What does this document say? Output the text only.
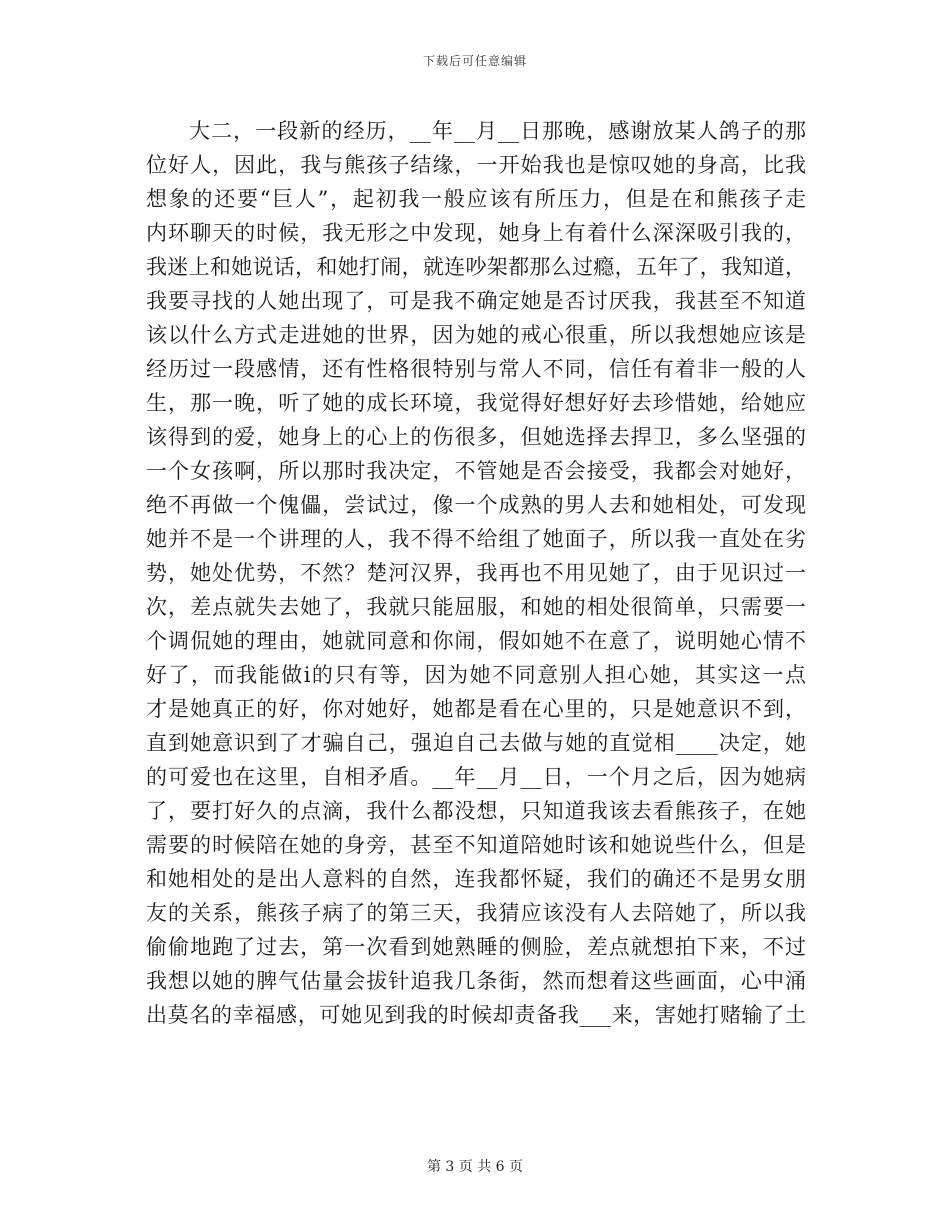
下载后可任意编辑
大二，一段新的经历，__年__月__日那晚，感谢放某人鸽子的那
位好人，因此，我与熊孩子结缘，一开始我也是惊叹她的身高，比我
想象的还要“巨人”，起初我一般应该有所压力，但是在和熊孩子走
内环聊天的时候，我无形之中发现，她身上有着什么深深吸引我的，
我迷上和她说话，和她打闹，就连吵架都那么过瘾，五年了，我知道，
我要寻找的人她出现了，可是我不确定她是否讨厌我，我甚至不知道
该以什么方式走进她的世界，因为她的戒心很重，所以我想她应该是
经历过一段感情，还有性格很特别与常人不同，信任有着非一般的人
生，那一晚，听了她的成长环境，我觉得好想好好去珍惜她，给她应
该得到的爱，她身上的心上的伤很多，但她选择去捍卫，多么坚强的
一个女孩啊，所以那时我决定，不管她是否会接受，我都会对她好，
绝不再做一个傀儡，尝试过，像一个成熟的男人去和她相处，可发现
她并不是一个讲理的人，我不得不给组了她面子，所以我一直处在劣
势，她处优势，不然？楚河汉界，我再也不用见她了，由于见识过一
次，差点就失去她了，我就只能屈服，和她的相处很简单，只需要一
个调侃她的理由，她就同意和你闹，假如她不在意了，说明她心情不
好了，而我能做i的只有等，因为她不同意别人担心她，其实这一点
才是她真正的好，你对她好，她都是看在心里的，只是她意识不到，
直到她意识到了才骗自己，强迫自己去做与她的直觉相____决定，她
的可爱也在这里，自相矛盾。__年__月__日，一个月之后，因为她病
了，要打好久的点滴，我什么都没想，只知道我该去看熊孩子，在她
需要的时候陪在她的身旁，甚至不知道陪她时该和她说些什么，但是
和她相处的是出人意料的自然，连我都怀疑，我们的确还不是男女朋
友的关系，熊孩子病了的第三天，我猜应该没有人去陪她了，所以我
偷偷地跑了过去，第一次看到她熟睡的侧脸，差点就想拍下来，不过
我想以她的脾气估量会拔针追我几条街，然而想着这些画面，心中涌
出莫名的幸福感，可她见到我的时候却责备我___来，害她打赌输了土
第 3 页 共 6 页
